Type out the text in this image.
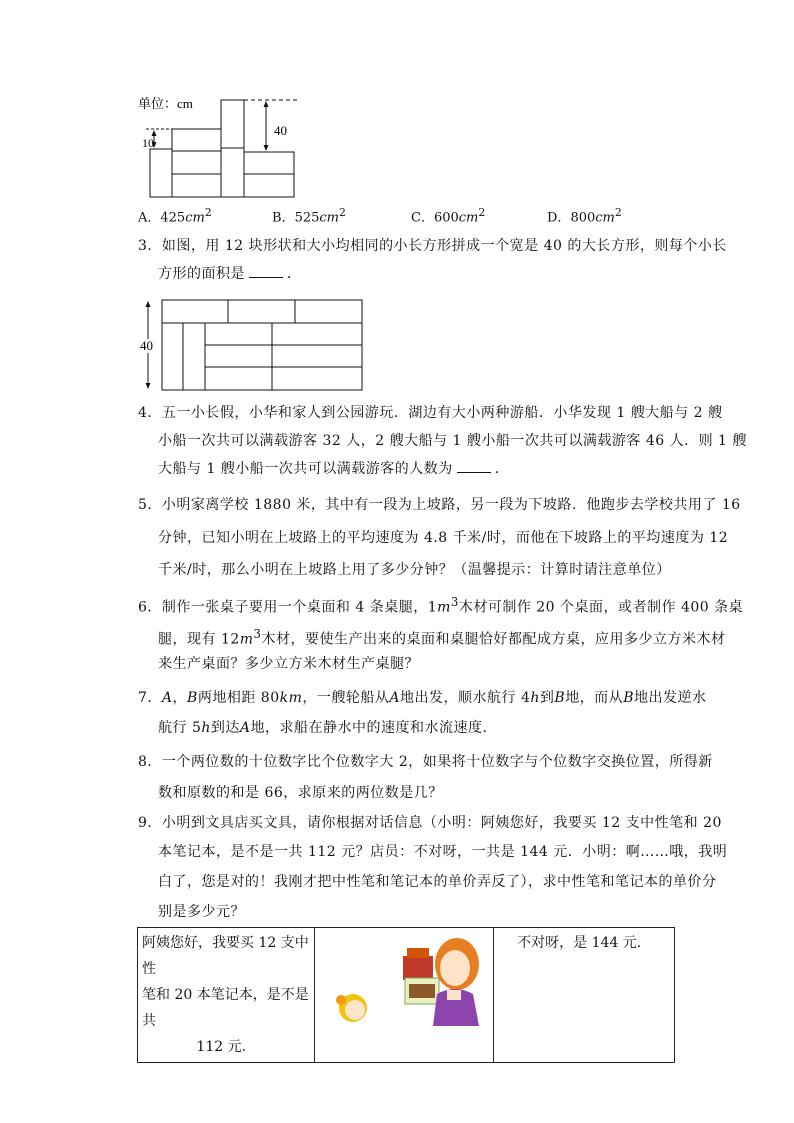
单位：cm
10
40
A．$425cm^2$	B．$525cm^2$	C．$600cm^2$	D．$800cm^2$
3．如图，用 12 块形状和大小均相同的小长方形拼成一个宽是 40 的大长方形，则每个小长
方形的面积是	．
40
4．五一小长假，小华和家人到公园游玩．湖边有大小两种游船．小华发现 1 艘大船与 2 艘
小船一次共可以满载游客 32 人，2 艘大船与 1 艘小船一次共可以满载游客 46 人．则 1 艘
大船与 1 艘小船一次共可以满载游客的人数为	．
5．小明家离学校 1880 米，其中有一段为上坡路，另一段为下坡路．他跑步去学校共用了 16
分钟，已知小明在上坡路上的平均速度为 4.8 千米/时，而他在下坡路上的平均速度为 12
千米/时，那么小明在上坡路上用了多少分钟？（温馨提示：计算时请注意单位）
6．制作一张桌子要用一个桌面和 4 条桌腿，$1m^3$木材可制作 20 个桌面，或者制作 400 条桌
腿，现有 $12m^3$木材，要使生产出来的桌面和桌腿恰好都配成方桌，应用多少立方米木材
来生产桌面？多少立方米木材生产桌腿？
7．A，B两地相距 80km，一艘轮船从A地出发，顺水航行 4h到B地，而从B地出发逆水
航行 5h到达A地，求船在静水中的速度和水流速度．
8．一个两位数的十位数字比个位数字大 2，如果将十位数字与个位数字交换位置，所得新
数和原数的和是 66，求原来的两位数是几？
9．小明到文具店买文具，请你根据对话信息（小明：阿姨您好，我要买 12 支中性笔和 20
本笔记本，是不是一共 112 元？店员：不对呀，一共是 144 元．小明：啊……哦，我明
白了，您是对的！我刚才把中性笔和笔记本的单价弄反了），求中性笔和笔记本的单价分
别是多少元？
阿姨您好，我要买 12 支中性
笔和 20 本笔记本，是不是共
112 元．

不对呀，是 144 元．
